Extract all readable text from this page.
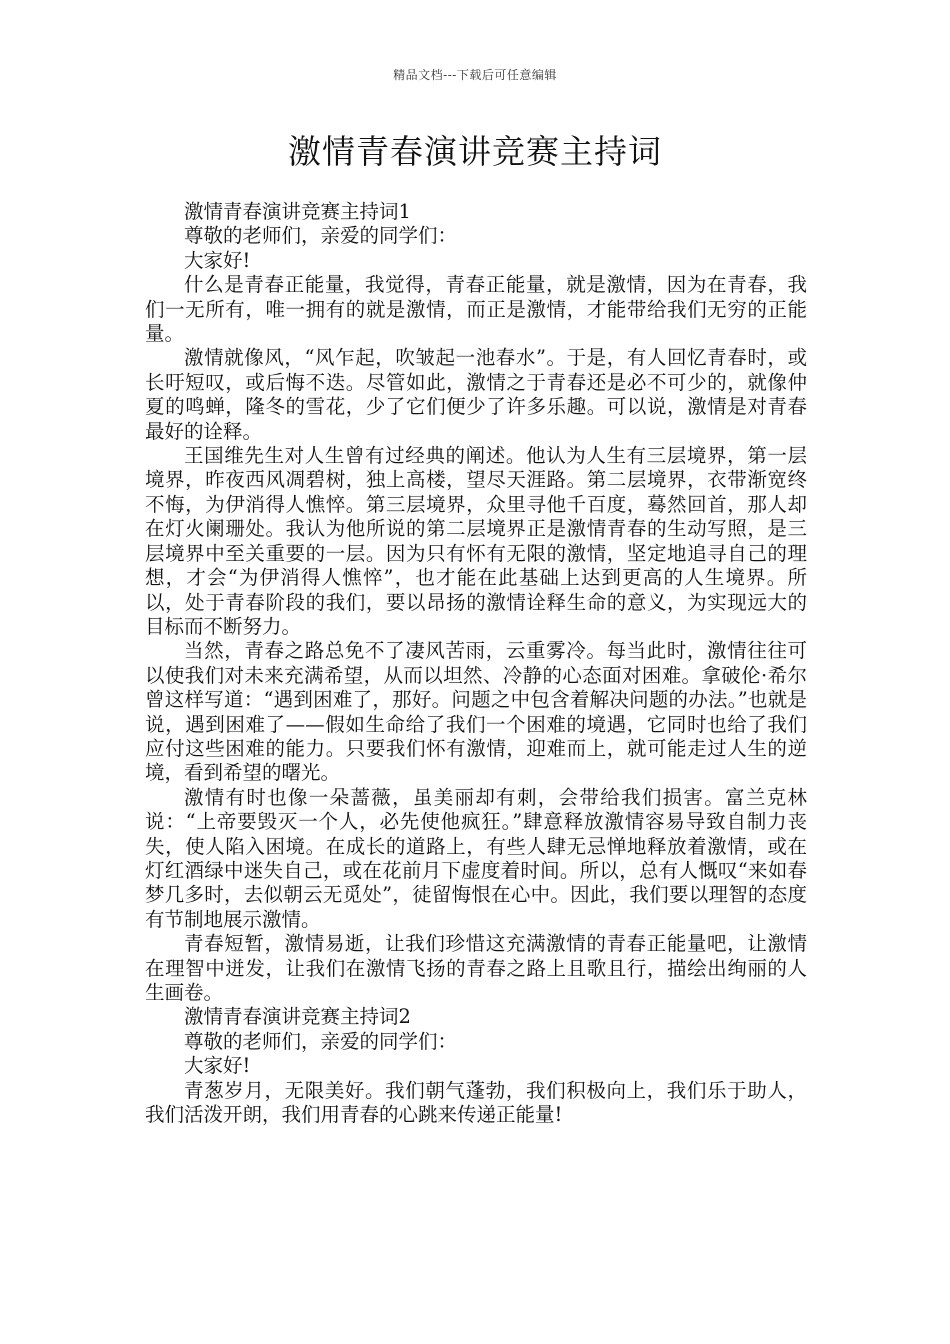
精品文档---下载后可任意编辑
激情青春演讲竞赛主持词

激情青春演讲竞赛主持词1

尊敬的老师们，亲爱的同学们：

大家好!

什么是青春正能量，我觉得，青春正能量，就是激情，因为在青春，我们一无所有，唯一拥有的就是激情，而正是激情，才能带给我们无穷的正能量。

激情就像风，“风乍起，吹皱起一池春水”。于是，有人回忆青春时，或长吁短叹，或后悔不迭。尽管如此，激情之于青春还是必不可少的，就像仲夏的鸣蝉，隆冬的雪花，少了它们便少了许多乐趣。可以说，激情是对青春最好的诠释。

王国维先生对人生曾有过经典的阐述。他认为人生有三层境界，第一层境界，昨夜西风凋碧树，独上高楼，望尽天涯路。第二层境界，衣带渐宽终不悔，为伊消得人憔悴。第三层境界，众里寻他千百度，蓦然回首，那人却在灯火阑珊处。我认为他所说的第二层境界正是激情青春的生动写照，是三层境界中至关重要的一层。因为只有怀有无限的激情，坚定地追寻自己的理想，才会“为伊消得人憔悴”，也才能在此基础上达到更高的人生境界。所以，处于青春阶段的我们，要以昂扬的激情诠释生命的意义，为实现远大的目标而不断努力。

当然，青春之路总免不了凄风苦雨，云重雾冷。每当此时，激情往往可以使我们对未来充满希望，从而以坦然、冷静的心态面对困难。拿破伦·希尔曾这样写道：“遇到困难了，那好。问题之中包含着解决问题的办法。”也就是说，遇到困难了——假如生命给了我们一个困难的境遇，它同时也给了我们应付这些困难的能力。只要我们怀有激情，迎难而上，就可能走过人生的逆境，看到希望的曙光。

激情有时也像一朵蔷薇，虽美丽却有刺，会带给我们损害。富兰克林说：“上帝要毁灭一个人，必先使他疯狂。”肆意释放激情容易导致自制力丧失，使人陷入困境。在成长的道路上，有些人肆无忌惮地释放着激情，或在灯红酒绿中迷失自己，或在花前月下虚度着时间。所以，总有人慨叹“来如春梦几多时，去似朝云无觅处”，徒留悔恨在心中。因此，我们要以理智的态度有节制地展示激情。

青春短暂，激情易逝，让我们珍惜这充满激情的青春正能量吧，让激情在理智中迸发，让我们在激情飞扬的青春之路上且歌且行，描绘出绚丽的人生画卷。

激情青春演讲竞赛主持词2

尊敬的老师们，亲爱的同学们：

大家好!

青葱岁月，无限美好。我们朝气蓬勃，我们积极向上，我们乐于助人，我们活泼开朗，我们用青春的心跳来传递正能量!
